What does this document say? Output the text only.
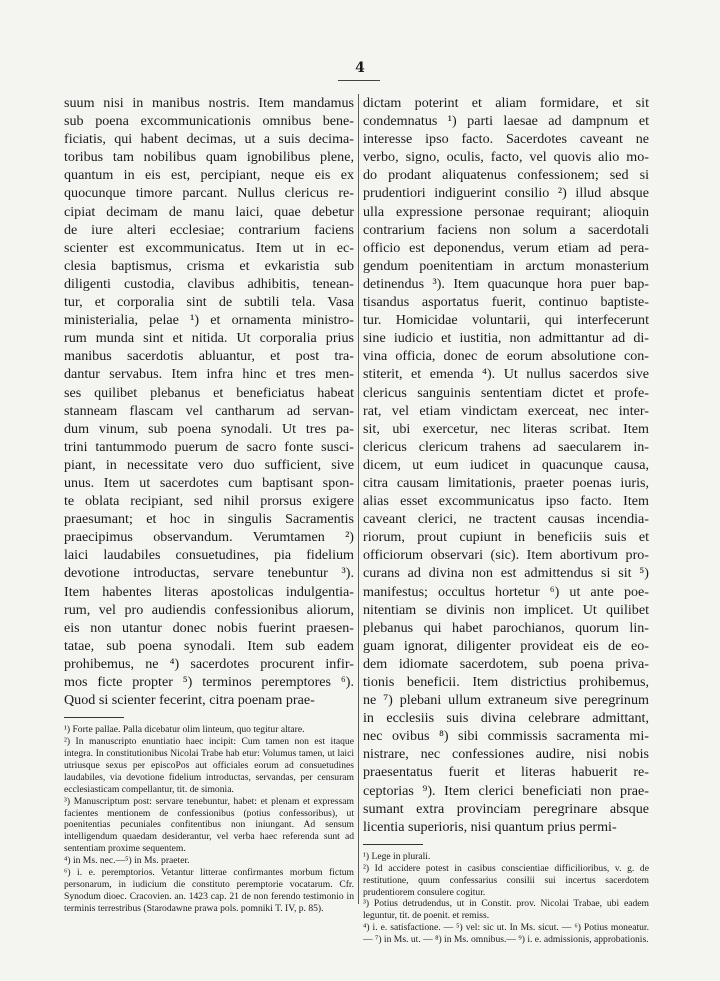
4
suum nisi in manibus nostris. Item mandamus
sub poena excommunicationis omnibus bene-
ficiatis, qui habent decimas, ut a suis decima-
toribus tam nobilibus quam ignobilibus plene,
quantum in eis est, percipiant, neque eis ex
quocunque timore parcant. Nullus clericus re-
cipiat decimam de manu laici, quae debetur
de iure alteri ecclesiae; contrarium faciens
scienter est excommunicatus. Item ut in ec-
clesia baptismus, crisma et evkaristia sub
diligenti custodia, clavibus adhibitis, tenean-
tur, et corporalia sint de subtili tela. Vasa
ministerialia, pelae ¹) et ornamenta ministro-
rum munda sint et nitida. Ut corporalia prius
manibus sacerdotis abluantur, et post tra-
dantur servabus. Item infra hinc et tres men-
ses quilibet plebanus et beneficiatus habeat
stanneam flascam vel cantharum ad servan-
dum vinum, sub poena synodali. Ut tres pa-
trini tantummodo puerum de sacro fonte susci-
piant, in necessitate vero duo sufficient, sive
unus. Item ut sacerdotes cum baptisant spon-
te oblata recipiant, sed nihil prorsus exigere
praesumant; et hoc in singulis Sacramentis
praecipimus observandum. Verumtamen ²)
laici laudabiles consuetudines, pia fidelium
devotione introductas, servare tenebuntur ³).
Item habentes literas apostolicas indulgentia-
rum, vel pro audiendis confessionibus aliorum,
eis non utantur donec nobis fuerint praesen-
tatae, sub poena synodali. Item sub eadem
prohibemus, ne ⁴) sacerdotes procurent infir-
mos ficte propter ⁵) terminos peremptores ⁶).
Quod si scienter fecerint, citra poenam prae-
¹) Forte pallae. Palla dicebatur olim linteum, quo tegitur altare.
²) In manuscripto enuntiatio haec incipit: Cum tamen non est itaque integra. In constitutionibus Nicolai Trabe hab etur: Volumus tamen, ut laici utriusque sexus per episcoPos aut officiales eorum ad consuetudines laudabiles, via devotione fidelium introductas, servandas, per censuram ecclesiasticam compellantur, tit. de simonia.
³) Manuscriptum post: servare tenebuntur, habet: et plenam et expressam facientes mentionem de confessionibus (potius confessoribus), ut poenitentias pecuniales confitentibus non iniungant. Ad sensum intelligendum quaedam desiderantur, vel verba haec referenda sunt ad sententiam proxime sequentem.
⁴) in Ms. nec.—⁵) in Ms. praeter.
⁶) i. e. peremptorios. Vetantur litterae confirmantes morbum fictum personarum, in iudicium die constituto peremptorie vocatarum. Cfr. Synodum dioec. Cracovien. an. 1423 cap. 21 de non ferendo testimonio in terminis terrestribus (Starodawne prawa pols. pomniki T. IV, p. 85).
dictam poterint et aliam formidare, et sit
condemnatus ¹) parti laesae ad dampnum et
interesse ipso facto. Sacerdotes caveant ne
verbo, signo, oculis, facto, vel quovis alio mo-
do prodant aliquatenus confessionem; sed si
prudentiori indiguerint consilio ²) illud absque
ulla expressione personae requirant; alioquin
contrarium faciens non solum a sacerdotali
officio est deponendus, verum etiam ad pera-
gendum poenitentiam in arctum monasterium
detinendus ³). Item quacunque hora puer bap-
tisandus asportatus fuerit, continuo baptiste-
tur. Homicidae voluntarii, qui interfecerunt
sine iudicio et iustitia, non admittantur ad di-
vina officia, donec de eorum absolutione con-
stiterit, et emenda ⁴). Ut nullus sacerdos sive
clericus sanguinis sententiam dictet et profe-
rat, vel etiam vindictam exerceat, nec inter-
sit, ubi exercetur, nec literas scribat. Item
clericus clericum trahens ad saecularem in-
dicem, ut eum iudicet in quacunque causa,
citra causam limitationis, praeter poenas iuris,
alias esset excommunicatus ipso facto. Item
caveant clerici, ne tractent causas incendia-
riorum, prout cupiunt in beneficiis suis et
officiorum observari (sic). Item abortivum pro-
curans ad divina non est admittendus si sit ⁵)
manifestus; occultus hortetur ⁶) ut ante poe-
nitentiam se divinis non implicet. Ut quilibet
plebanus qui habet parochianos, quorum lin-
guam ignorat, diligenter provideat eis de eo-
dem idiomate sacerdotem, sub poena priva-
tionis beneficii. Item districtius prohibemus,
ne ⁷) plebani ullum extraneum sive peregrinum
in ecclesiis suis divina celebrare admittant,
nec ovibus ⁸) sibi commissis sacramenta mi-
nistrare, nec confessiones audire, nisi nobis
praesentatus fuerit et literas habuerit re-
ceptorias ⁹). Item clerici beneficiati non prae-
sumant extra provinciam peregrinare absque
licentia superioris, nisi quantum prius permi-
¹) Lege in plurali.
²) Id accidere potest in casibus conscientiae difficilioribus, v. g. de restitutione, quum confessarius consilii sui incertus sacerdotem prudentiorem consulere cogitur.
³) Potius detrudendus, ut in Constit. prov. Nicolai Trabae, ubi eadem leguntur, tit. de poenit. et remiss.
⁴) i. e. satisfactione. — ⁵) vel: sic ut. In Ms. sicut. — ⁶) Potius moneatur. — ⁷) in Ms. ut. — ⁸) in Ms. omnibus.— ⁹) i. e. admissionis, approbationis.
